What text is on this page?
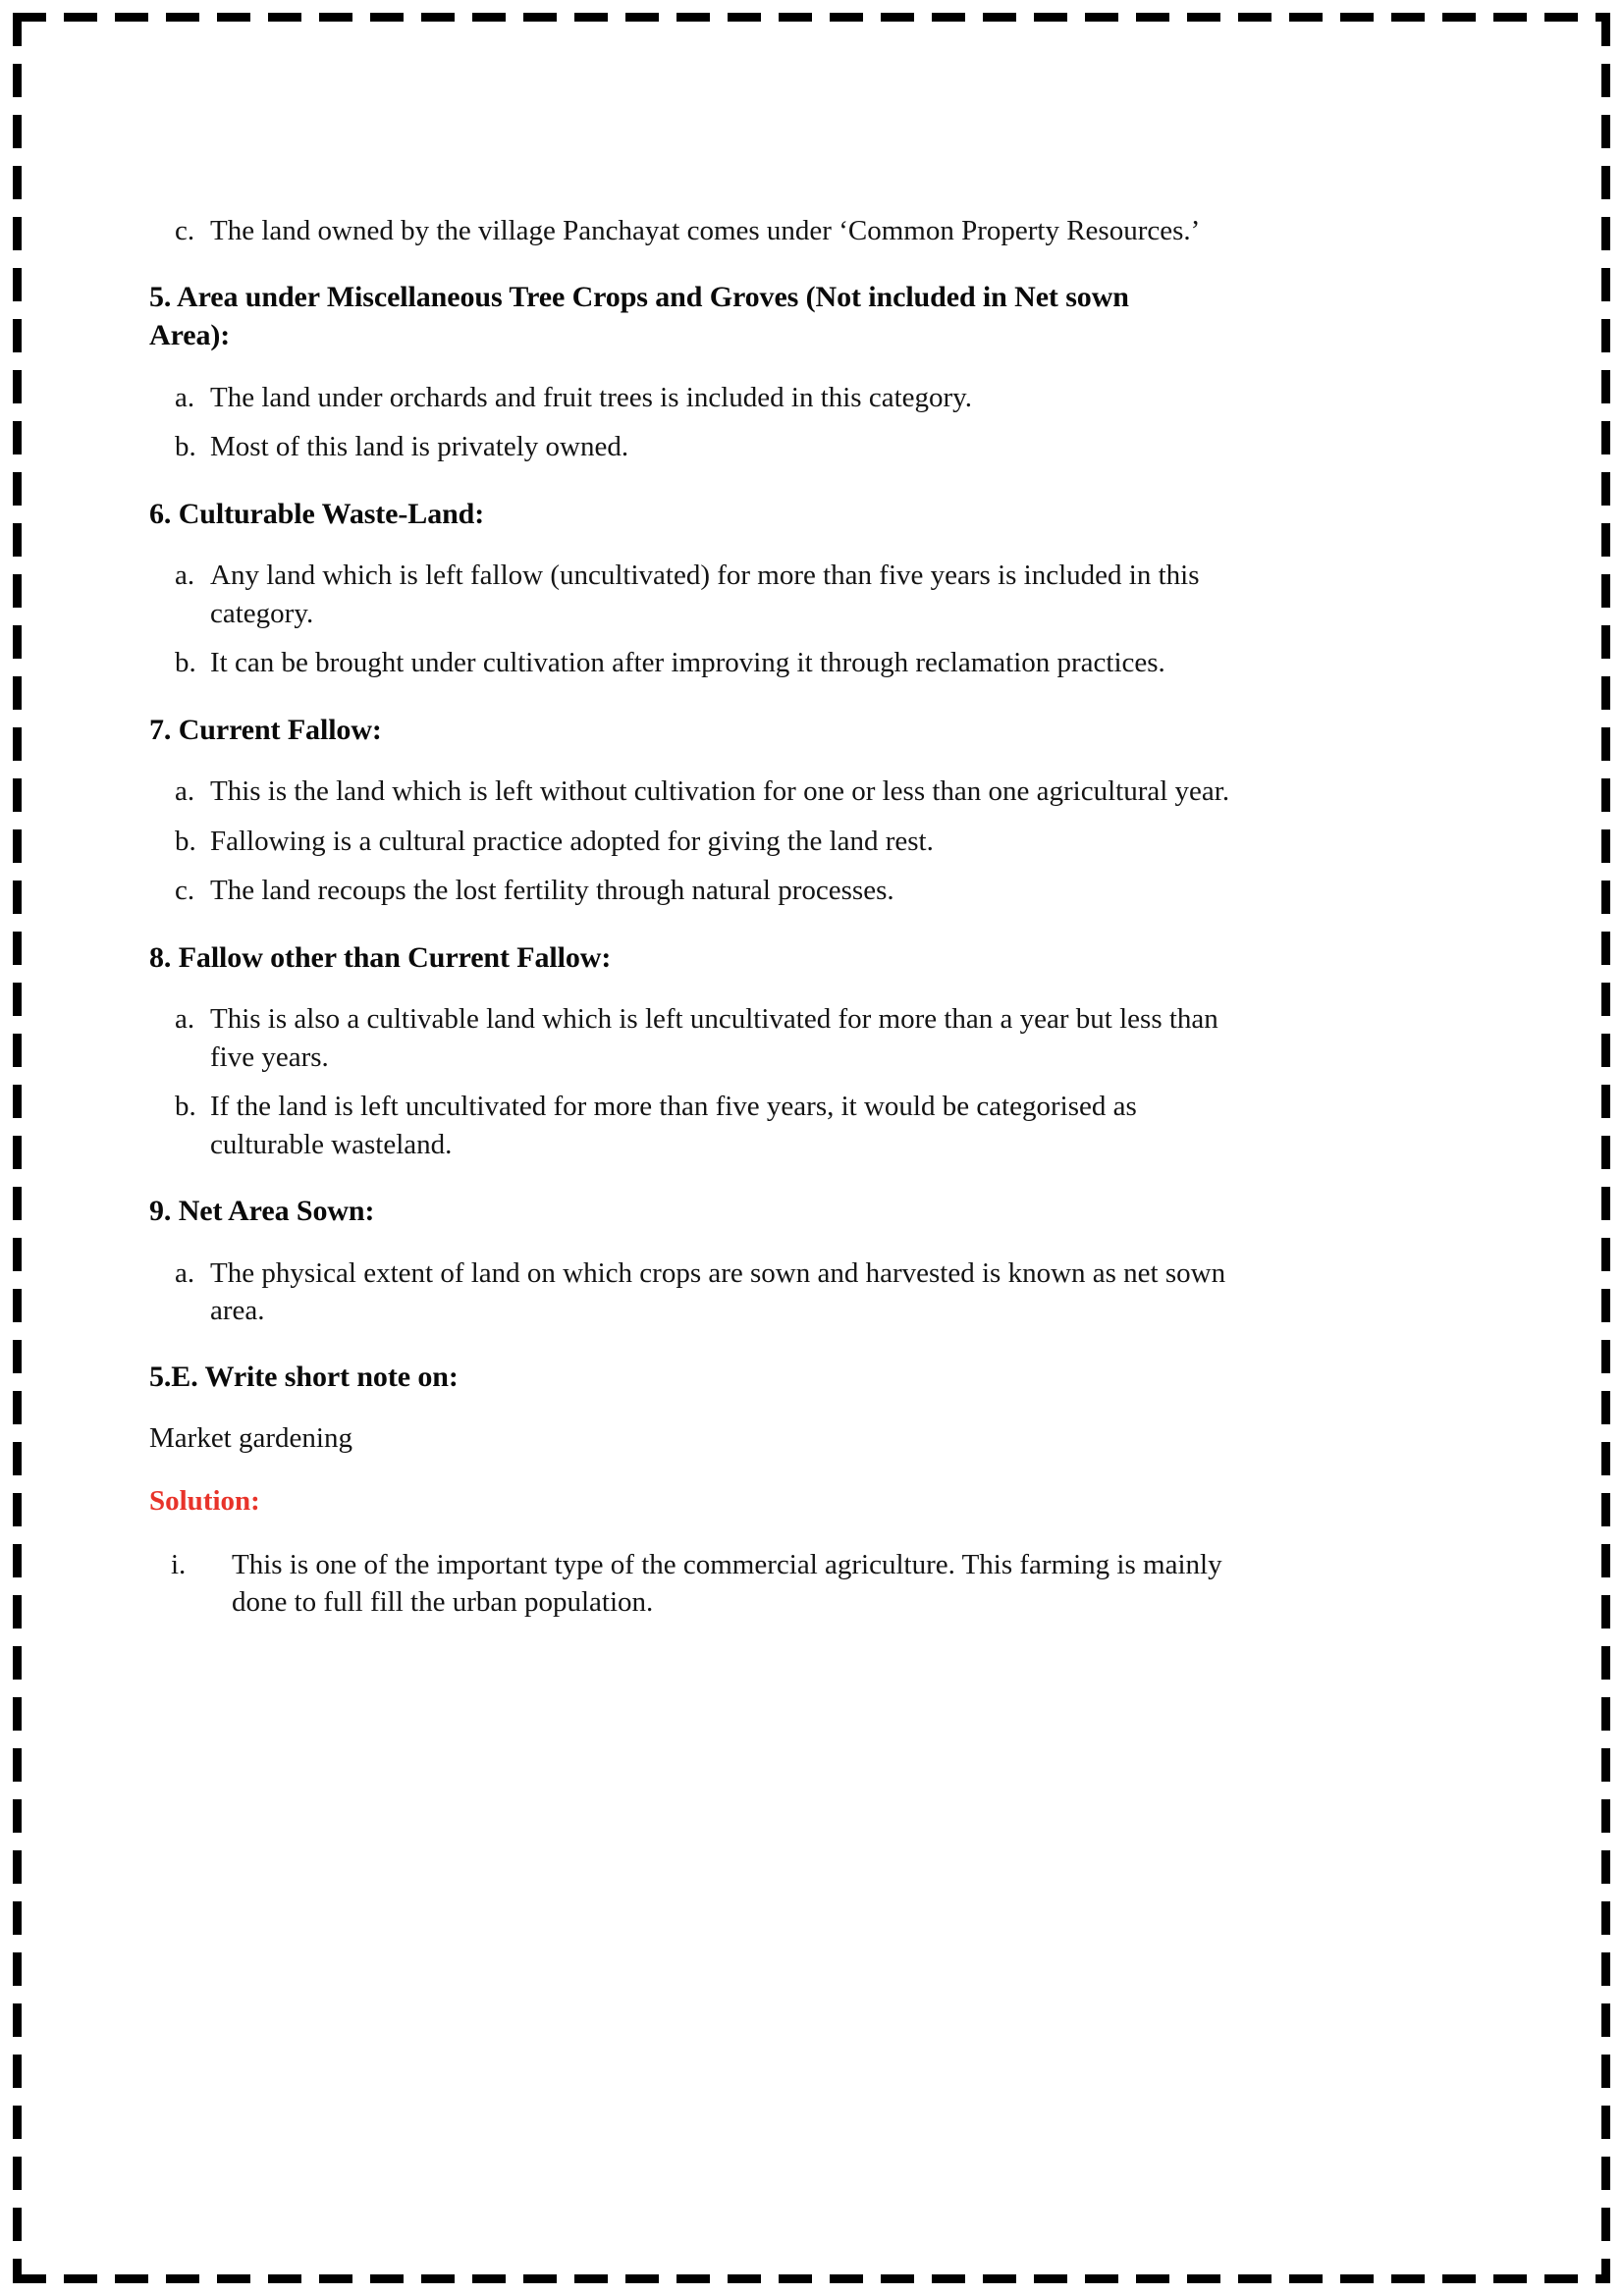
c. The land owned by the village Panchayat comes under ‘Common Property Resources.’
5. Area under Miscellaneous Tree Crops and Groves (Not included in Net sown Area):
a. The land under orchards and fruit trees is included in this category.
b. Most of this land is privately owned.
6. Culturable Waste-Land:
a. Any land which is left fallow (uncultivated) for more than five years is included in this category.
b. It can be brought under cultivation after improving it through reclamation practices.
7. Current Fallow:
a. This is the land which is left without cultivation for one or less than one agricultural year.
b. Fallowing is a cultural practice adopted for giving the land rest.
c. The land recoups the lost fertility through natural processes.
8. Fallow other than Current Fallow:
a. This is also a cultivable land which is left uncultivated for more than a year but less than five years.
b. If the land is left uncultivated for more than five years, it would be categorised as culturable wasteland.
9. Net Area Sown:
a. The physical extent of land on which crops are sown and harvested is known as net sown area.
5.E. Write short note on:
Market gardening
Solution:
i.	This is one of the important type of the commercial agriculture. This farming is mainly done to full fill the urban population.
